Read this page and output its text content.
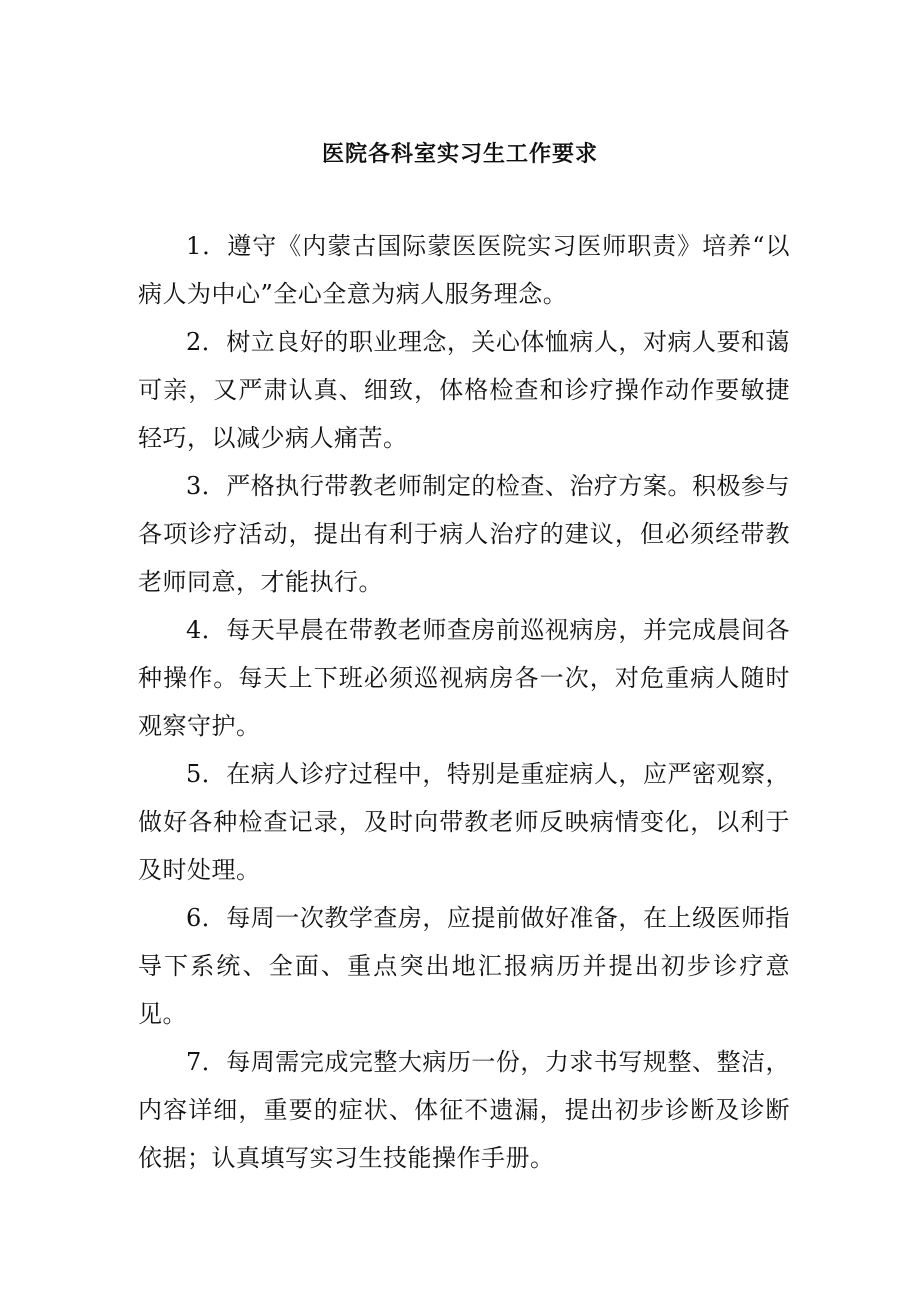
医院各科室实习生工作要求

1．遵守《内蒙古国际蒙医医院实习医师职责》培养“以病人为中心”全心全意为病人服务理念。

2．树立良好的职业理念，关心体恤病人，对病人要和蔼可亲，又严肃认真、细致，体格检查和诊疗操作动作要敏捷轻巧，以减少病人痛苦。

3．严格执行带教老师制定的检查、治疗方案。积极参与各项诊疗活动，提出有利于病人治疗的建议，但必须经带教老师同意，才能执行。

4．每天早晨在带教老师查房前巡视病房，并完成晨间各种操作。每天上下班必须巡视病房各一次，对危重病人随时观察守护。

5．在病人诊疗过程中，特别是重症病人，应严密观察，做好各种检查记录，及时向带教老师反映病情变化，以利于及时处理。

6．每周一次教学查房，应提前做好准备，在上级医师指导下系统、全面、重点突出地汇报病历并提出初步诊疗意见。

7．每周需完成完整大病历一份，力求书写规整、整洁，内容详细，重要的症状、体征不遗漏，提出初步诊断及诊断依据；认真填写实习生技能操作手册。
